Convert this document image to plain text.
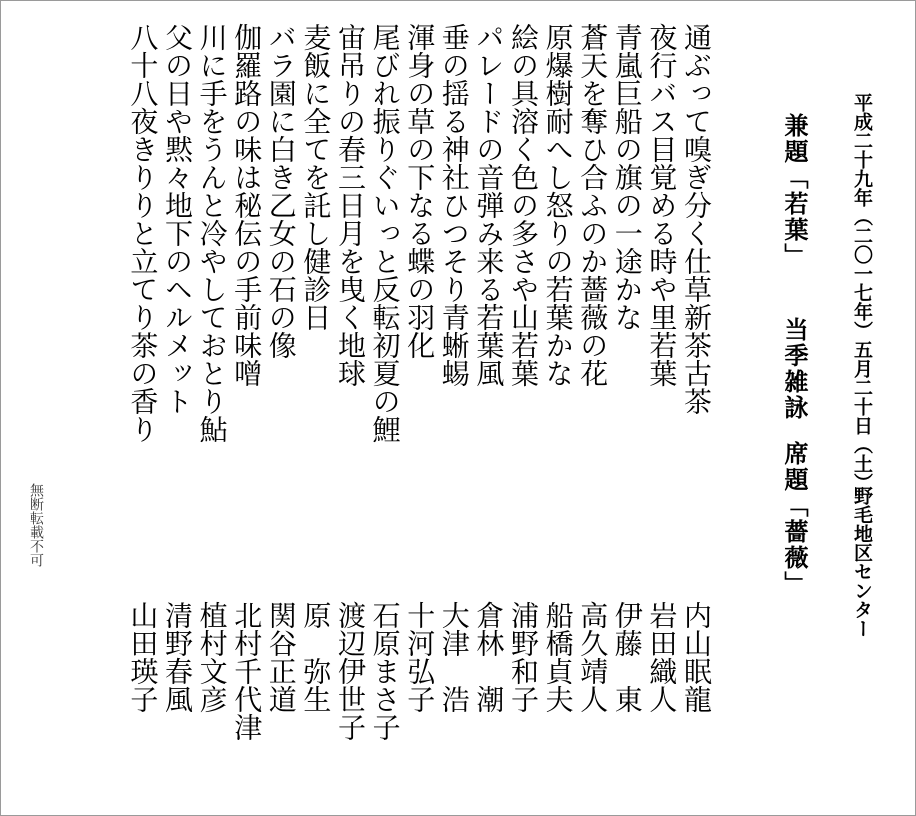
平成二十九年（二〇一七年）五月二十日（土）
野毛地区センター
兼題「若葉」
当季雑詠
席題「薔薇」
通ぶって嗅ぎ分く仕草新茶古茶
内山眠龍
夜行バス目覚める時や里若葉
岩田織人
青嵐巨船の旗の一途かな
伊藤　東
蒼天を奪ひ合ふのか薔薇の花
高久靖人
原爆樹耐へし怒りの若葉かな
船橋貞夫
絵の具溶く色の多さや山若葉
浦野和子
パレードの音弾み来る若葉風
倉林　潮
垂の揺る神社ひつそり青蜥蜴
大津　浩
渾身の草の下なる蝶の羽化
十河弘子
尾びれ振りぐいっと反転初夏の鯉
石原まさ子
宙吊りの春三日月を曳く地球
渡辺伊世子
麦飯に全てを託し健診日
原　弥生
バラ園に白き乙女の石の像
関谷正道
伽羅路の味は秘伝の手前味噌
北村千代津
川に手をうんと冷やしておとり鮎
植村文彦
父の日や黙々地下のヘルメット
清野春風
八十八夜きりりと立てり茶の香り
山田瑛子
無断転載不可
